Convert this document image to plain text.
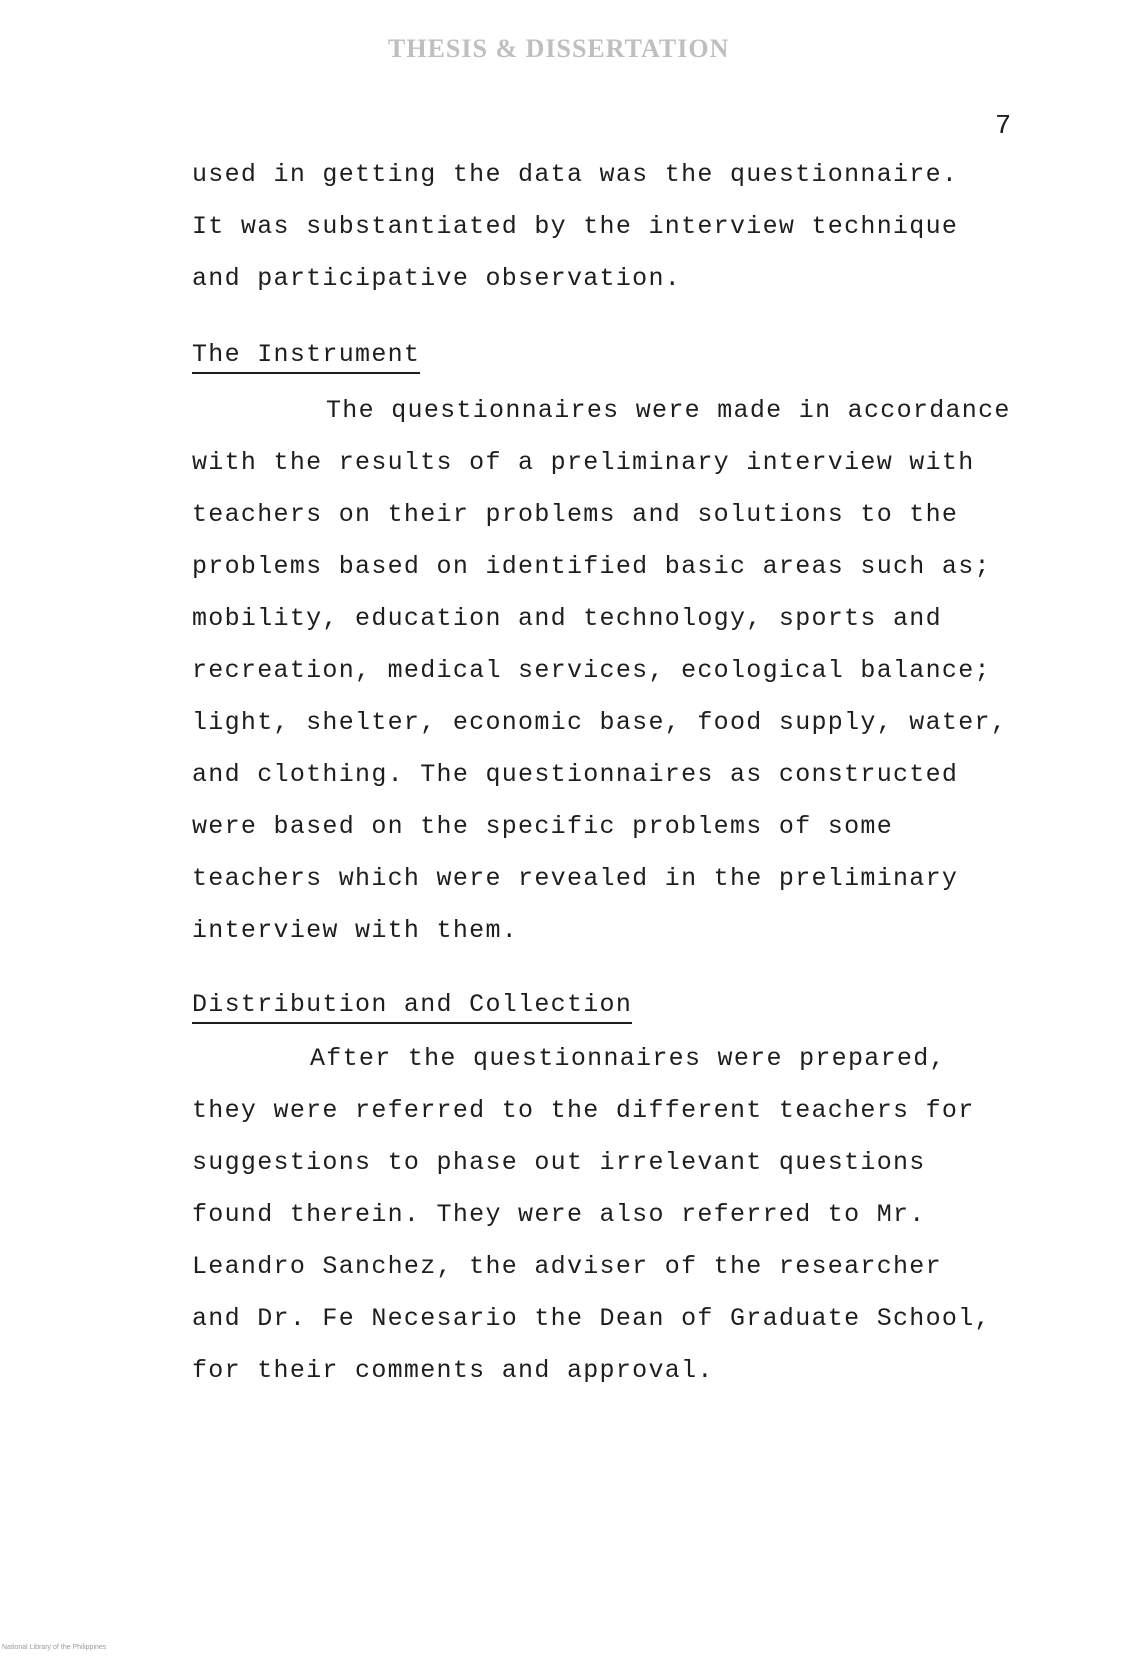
THESIS & DISSERTATION
7
used in getting the data was the questionnaire.
It was substantiated by the interview technique
and participative observation.
The Instrument
The questionnaires were made in accordance
with the results of a preliminary interview with
teachers on their problems and solutions to the
problems based on identified basic areas such as;
mobility, education and technology, sports and
recreation, medical services, ecological balance;
light, shelter, economic base, food supply, water,
and clothing. The questionnaires as constructed
were based on the specific problems of some
teachers which were revealed in the preliminary
interview with them.
Distribution and Collection
After the questionnaires were prepared,
they were referred to the different teachers for
suggestions to phase out irrelevant questions
found therein. They were also referred to Mr.
Leandro Sanchez, the adviser of the researcher
and Dr. Fe Necesario the Dean of Graduate School,
for their comments and approval.
National Library of the Philippines
